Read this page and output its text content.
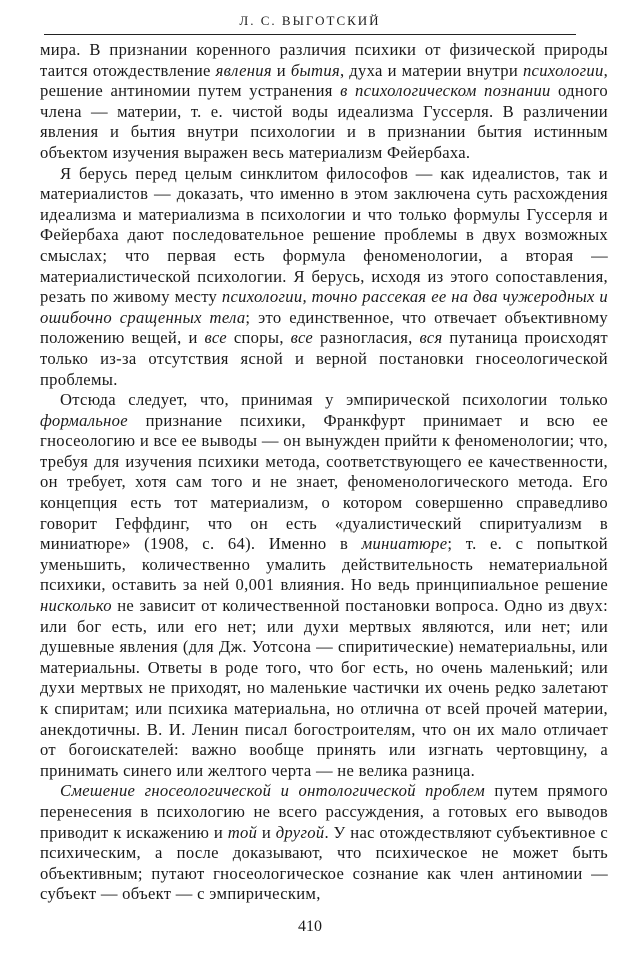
Л. С. ВЫГОТСКИЙ

мира. В признании коренного различия психики от физической природы таится отождествление явления и бытия, духа и материи внутри психологии, решение антиномии путем устранения в психологическом познании одного члена — материи, т. е. чистой воды идеализма Гуссерля. В различении явления и бытия внутри психологии и в признании бытия истинным объектом изучения выражен весь материализм Фейербаха.

Я берусь перед целым синклитом философов — как идеалистов, так и материалистов — доказать, что именно в этом заключена суть расхождения идеализма и материализма в психологии и что только формулы Гуссерля и Фейербаха дают последовательное решение проблемы в двух возможных смыслах; что первая есть формула феноменологии, а вторая — материалистической психологии. Я берусь, исходя из этого сопоставления, резать по живому месту психологии, точно рассекая ее на два чужеродных и ошибочно сращенных тела; это единственное, что отвечает объективному положению вещей, и все споры, все разногласия, вся путаница происходят только из-за отсутствия ясной и верной постановки гносеологической проблемы.

Отсюда следует, что, принимая у эмпирической психологии только формальное признание психики, Франкфурт принимает и всю ее гносеологию и все ее выводы — он вынужден прийти к феноменологии; что, требуя для изучения психики метода, соответствующего ее качественности, он требует, хотя сам того и не знает, феноменологического метода. Его концепция есть тот материализм, о котором совершенно справедливо говорит Геффдинг, что он есть «дуалистический спиритуализм в миниатюре» (1908, с. 64). Именно в миниатюре; т. е. с попыткой уменьшить, количественно умалить действительность нематериальной психики, оставить за ней 0,001 влияния. Но ведь принципиальное решение нисколько не зависит от количественной постановки вопроса. Одно из двух: или бог есть, или его нет; или духи мертвых являются, или нет; или душевные явления (для Дж. Уотсона — спиритические) нематериальны, или материальны. Ответы в роде того, что бог есть, но очень маленький; или духи мертвых не приходят, но маленькие частички их очень редко залетают к спиритам; или психика материальна, но отлична от всей прочей материи, анекдотичны. В. И. Ленин писал богостроителям, что он их мало отличает от богоискателей: важно вообще принять или изгнать чертовщину, а принимать синего или желтого черта — не велика разница.

Смешение гносеологической и онтологической проблем путем прямого перенесения в психологию не всего рассуждения, а готовых его выводов приводит к искажению и той и другой. У нас отождествляют субъективное с психическим, а после доказывают, что психическое не может быть объективным; путают гносеологическое сознание как член антиномии — субъект — объект — с эмпирическим,

410
